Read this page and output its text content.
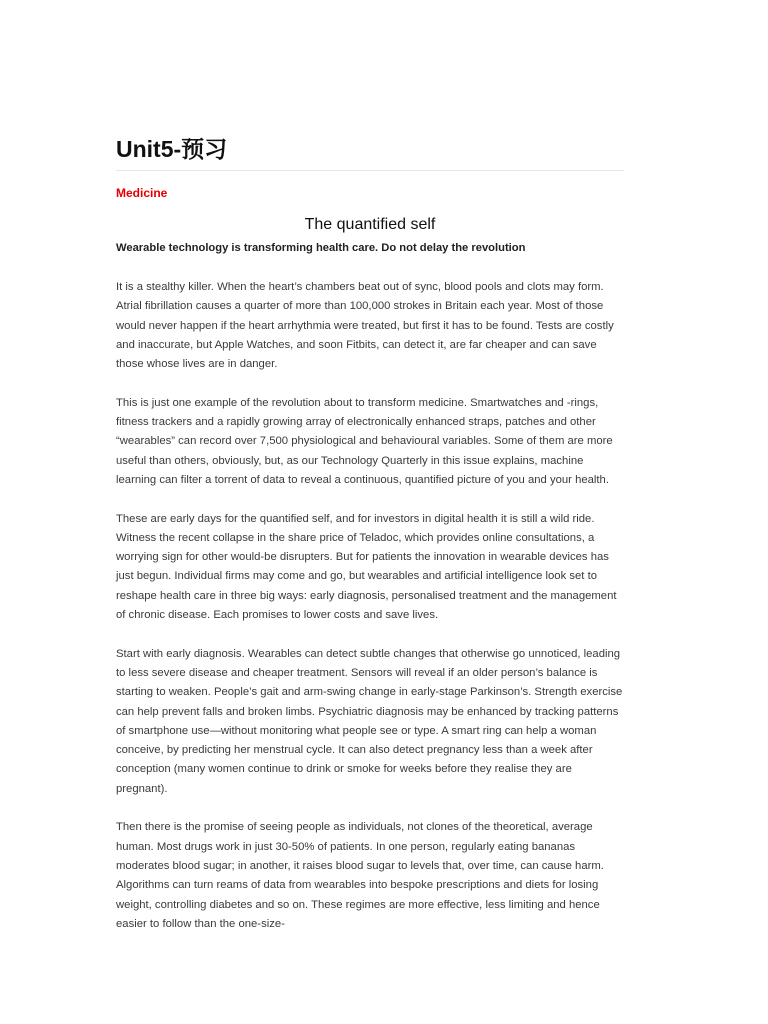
Unit5-预习
Medicine
The quantified self
Wearable technology is transforming health care. Do not delay the revolution

It is a stealthy killer. When the heart’s chambers beat out of sync, blood pools and clots may form. Atrial fibrillation causes a quarter of more than 100,000 strokes in Britain each year. Most of those would never happen if the heart arrhythmia were treated, but first it has to be found. Tests are costly and inaccurate, but Apple Watches, and soon Fitbits, can detect it, are far cheaper and can save those whose lives are in danger.

This is just one example of the revolution about to transform medicine. Smartwatches and -rings, fitness trackers and a rapidly growing array of electronically enhanced straps, patches and other “wearables” can record over 7,500 physiological and behavioural variables. Some of them are more useful than others, obviously, but, as our Technology Quarterly in this issue explains, machine learning can filter a torrent of data to reveal a continuous, quantified picture of you and your health.

These are early days for the quantified self, and for investors in digital health it is still a wild ride. Witness the recent collapse in the share price of Teladoc, which provides online consultations, a worrying sign for other would-be disrupters. But for patients the innovation in wearable devices has just begun. Individual firms may come and go, but wearables and artificial intelligence look set to reshape health care in three big ways: early diagnosis, personalised treatment and the management of chronic disease. Each promises to lower costs and save lives.

Start with early diagnosis. Wearables can detect subtle changes that otherwise go unnoticed, leading to less severe disease and cheaper treatment. Sensors will reveal if an older person’s balance is starting to weaken. People’s gait and arm-swing change in early-stage Parkinson’s. Strength exercise can help prevent falls and broken limbs. Psychiatric diagnosis may be enhanced by tracking patterns of smartphone use—without monitoring what people see or type. A smart ring can help a woman conceive, by predicting her menstrual cycle. It can also detect pregnancy less than a week after conception (many women continue to drink or smoke for weeks before they realise they are pregnant).

Then there is the promise of seeing people as individuals, not clones of the theoretical, average human. Most drugs work in just 30-50% of patients. In one person, regularly eating bananas moderates blood sugar; in another, it raises blood sugar to levels that, over time, can cause harm. Algorithms can turn reams of data from wearables into bespoke prescriptions and diets for losing weight, controlling diabetes and so on. These regimes are more effective, less limiting and hence easier to follow than the one-size-
